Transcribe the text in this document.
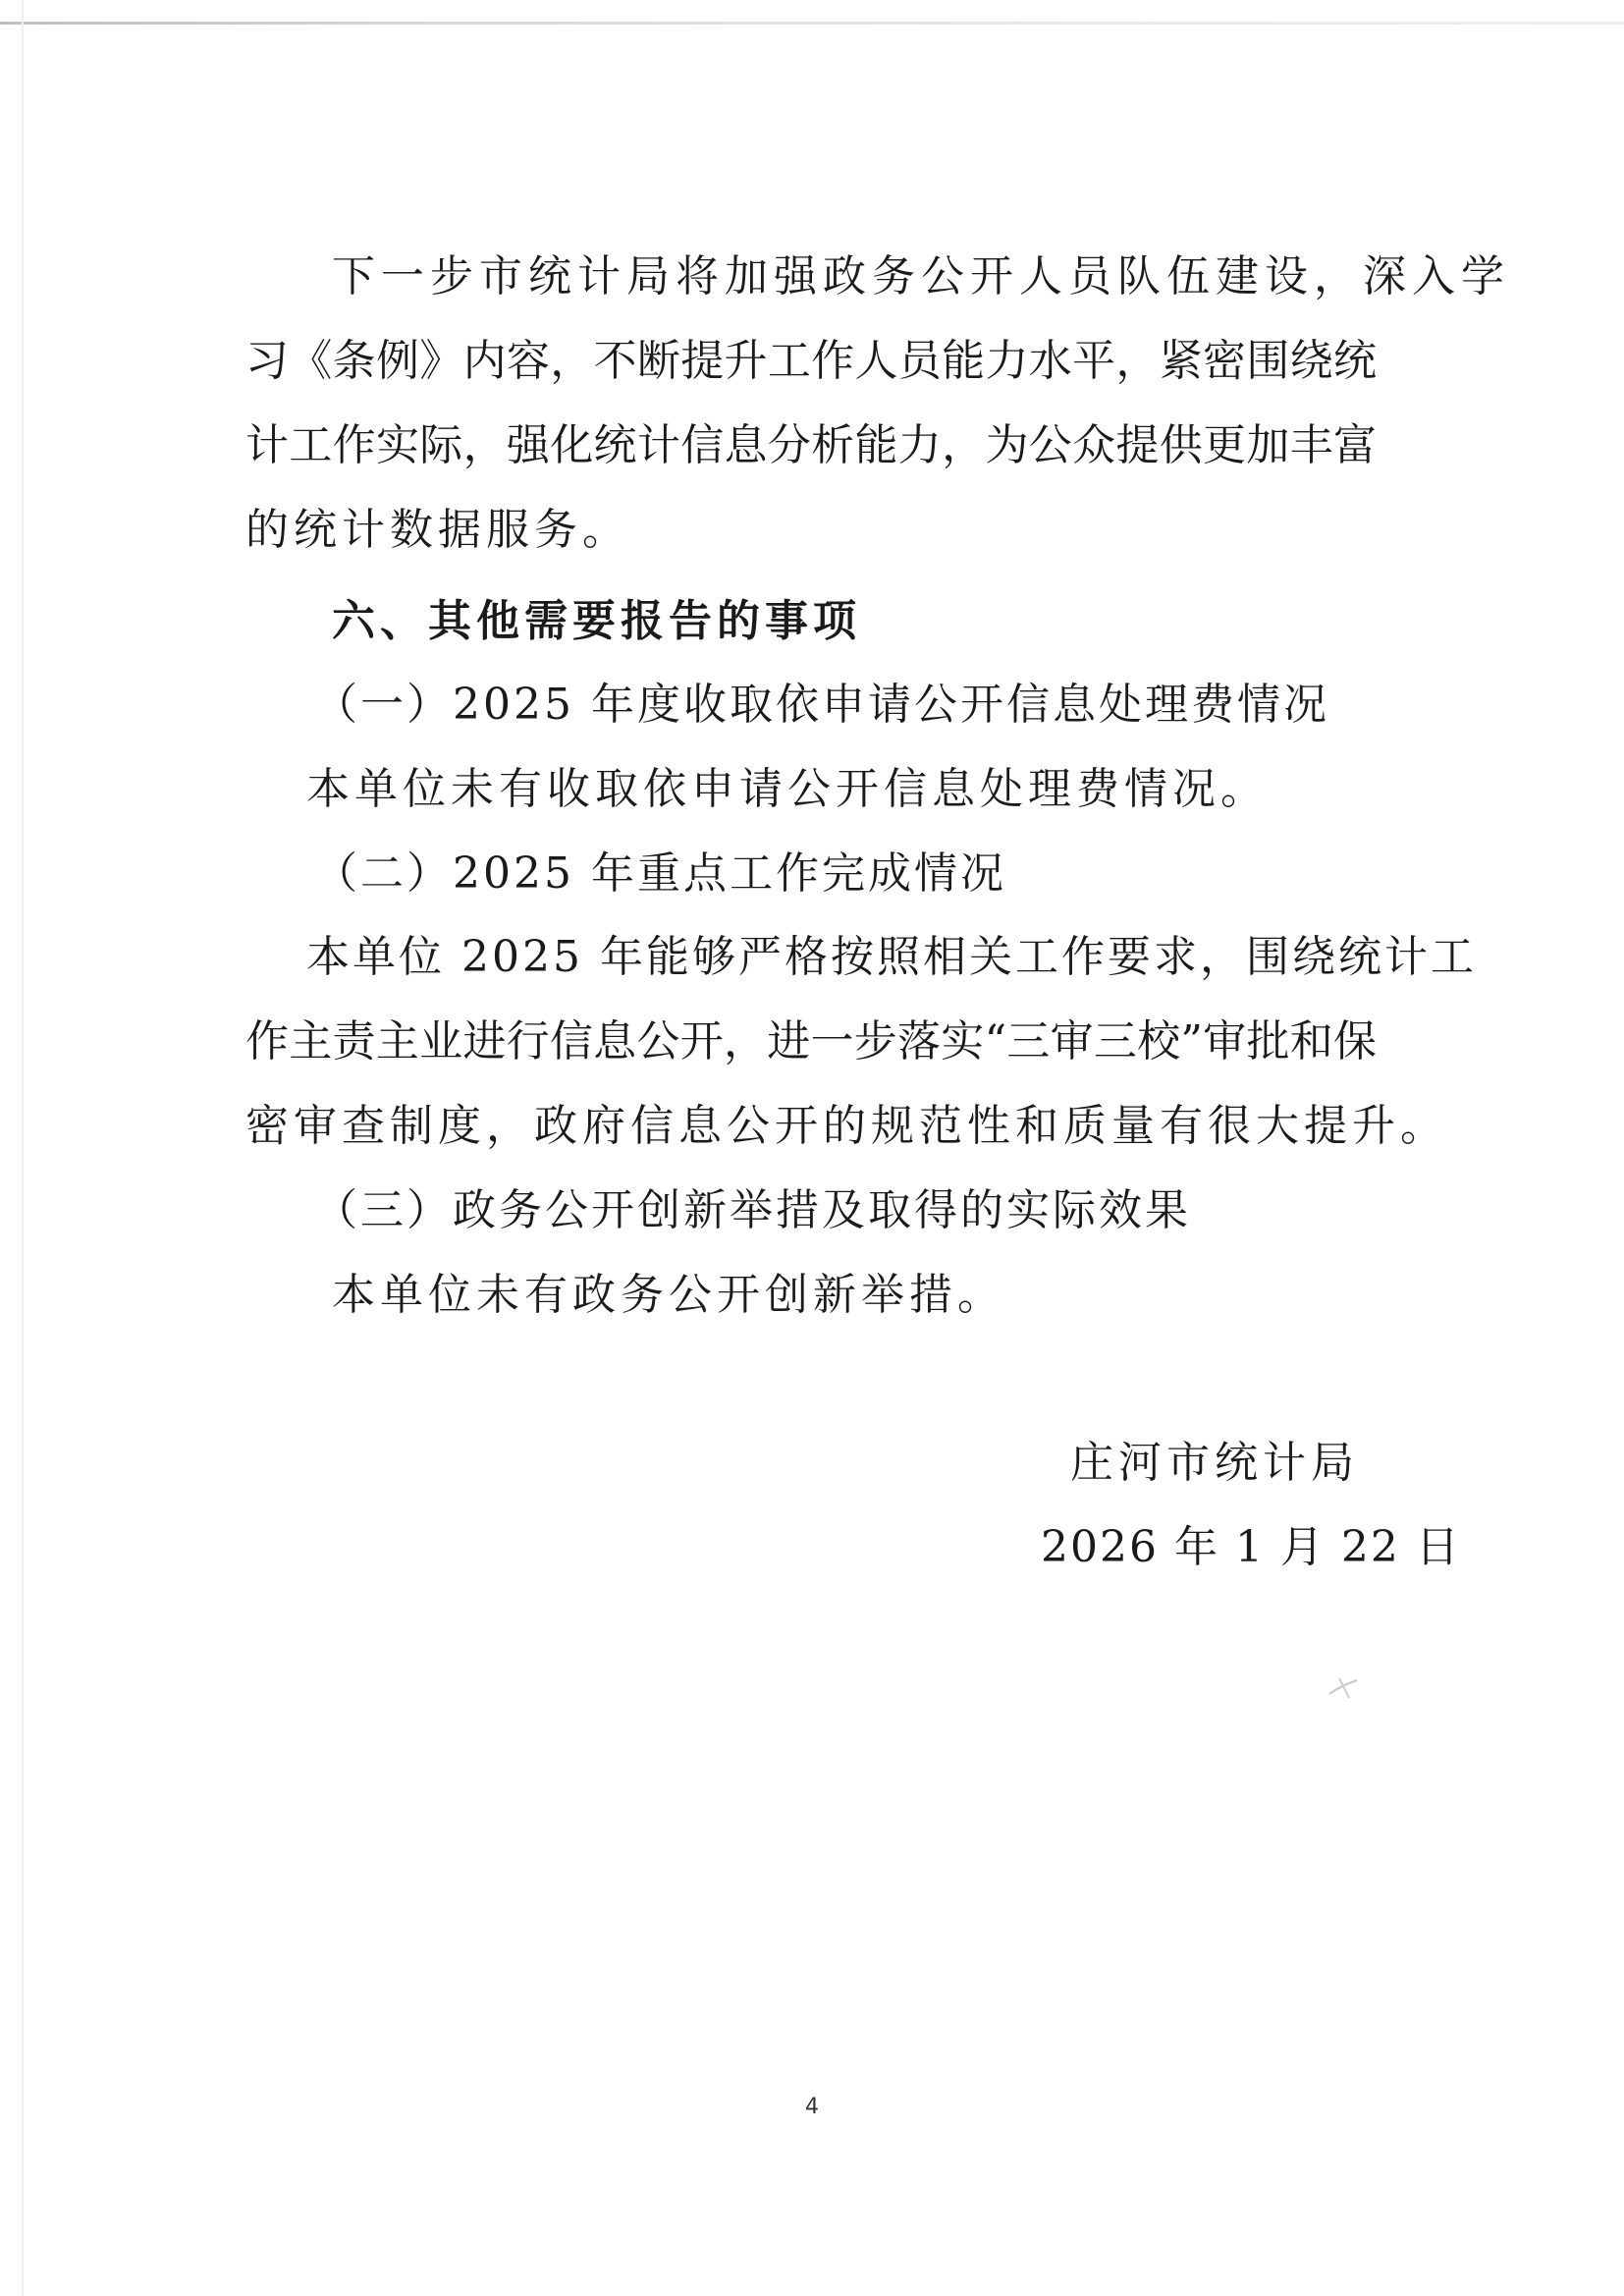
下一步市统计局将加强政务公开人员队伍建设，深入学
习《条例》内容，不断提升工作人员能力水平，紧密围绕统
计工作实际，强化统计信息分析能力，为公众提供更加丰富
的统计数据服务。
六、其他需要报告的事项
（一）2025 年度收取依申请公开信息处理费情况
本单位未有收取依申请公开信息处理费情况。
（二）2025 年重点工作完成情况
本单位 2025 年能够严格按照相关工作要求，围绕统计工
作主责主业进行信息公开，进一步落实“三审三校”审批和保
密审查制度，政府信息公开的规范性和质量有很大提升。
（三）政务公开创新举措及取得的实际效果
本单位未有政务公开创新举措。
庄河市统计局
2026 年 1 月 22 日
4
